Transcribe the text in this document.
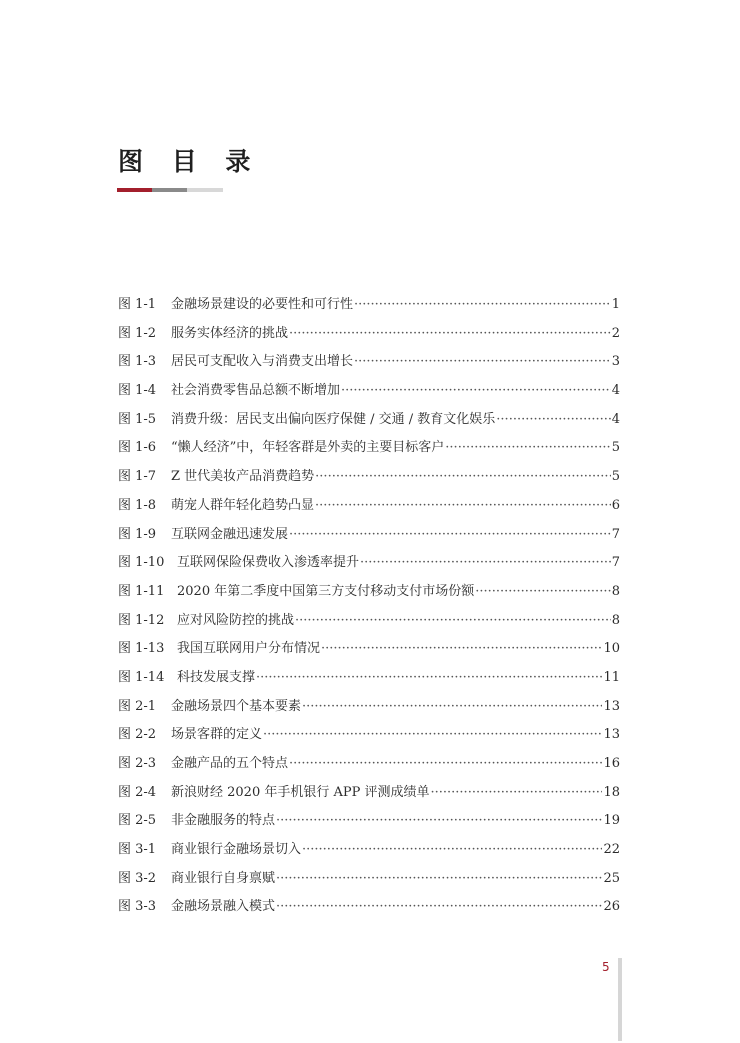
图 目 录
图 1-1	金融场景建设的必要性和可行性 ·····	1
图 1-2	服务实体经济的挑战 ·····	2
图 1-3	居民可支配收入与消费支出增长 ·····	3
图 1-4	社会消费零售品总额不断增加 ·····	4
图 1-5	消费升级：居民支出偏向医疗保健 / 交通 / 教育文化娱乐 ·····	4
图 1-6	“懒人经济”中，年轻客群是外卖的主要目标客户 ·····	5
图 1-7	Z 世代美妆产品消费趋势 ·····	5
图 1-8	萌宠人群年轻化趋势凸显 ·····	6
图 1-9	互联网金融迅速发展 ·····	7
图 1-10 互联网保险保费收入渗透率提升 ·····	7
图 1-11 2020 年第二季度中国第三方支付移动支付市场份额 ·····	8
图 1-12 应对风险防控的挑战 ·····	8
图 1-13 我国互联网用户分布情况 ·····	10
图 1-14 科技发展支撑 ·····	11
图 2-1	金融场景四个基本要素 ·····	13
图 2-2	场景客群的定义 ·····	13
图 2-3	金融产品的五个特点 ·····	16
图 2-4	新浪财经 2020 年手机银行 APP 评测成绩单 ·····	18
图 2-5	非金融服务的特点 ·····	19
图 3-1	商业银行金融场景切入 ·····	22
图 3-2	商业银行自身禀赋 ·····	25
图 3-3	金融场景融入模式 ·····	26
5
